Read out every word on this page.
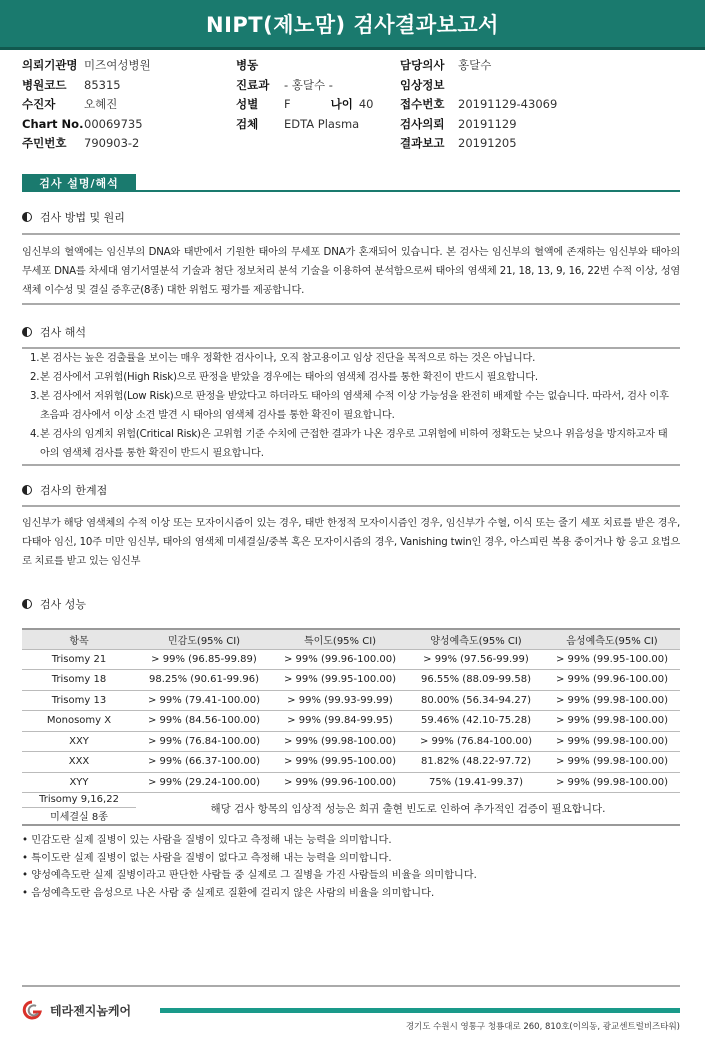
NIPT(제노맘) 검사결과보고서
의뢰기관명 미즈여성병원
병원코드	85315
수진자	오혜진
Chart No. 00069735
주민번호	790903-2
병동
진료과	- 홍달수 -
성별	F	나이 40
검체	EDTA Plasma
담당의사	홍달수
임상정보
접수번호	20191129-43069
검사의뢰	20191129
결과보고	20191205
검사 설명/해석
검사 방법 및 원리
임신부의 혈액에는 임신부의 DNA와 태반에서 기원한 태아의 무세포 DNA가 혼재되어 있습니다. 본 검사는 임신부의 혈액에 존재하는 임신부와 태아의 무세포 DNA를 차세대 염기서열분석 기술과 첨단 정보처리 분석 기술을 이용하여 분석함으로써 태아의 염색체 21, 18, 13, 9, 16, 22번 수적 이상, 성염색체 이수성 및 결실 증후군(8종) 대한 위험도 평가를 제공합니다.
검사 해석
1. 본 검사는 높은 검출률을 보이는 매우 정확한 검사이나, 오직 참고용이고 임상 진단을 목적으로 하는 것은 아닙니다.
2. 본 검사에서 고위험(High Risk)으로 판정을 받았을 경우에는 태아의 염색체 검사를 통한 확진이 반드시 필요합니다.
3. 본 검사에서 저위험(Low Risk)으로 판정을 받았다고 하더라도 태아의 염색체 수적 이상 가능성을 완전히 배제할 수는 없습니다. 따라서, 검사 이후 초음파 검사에서 이상 소견 발견 시 태아의 염색체 검사를 통한 확진이 필요합니다.
4. 본 검사의 임계치 위험(Critical Risk)은 고위험 기준 수치에 근접한 결과가 나온 경우로 고위험에 비하여 정확도는 낮으나 위음성을 방지하고자 태아의 염색체 검사를 통한 확진이 반드시 필요합니다.
검사의 한계점
임신부가 해당 염색체의 수적 이상 또는 모자이시즘이 있는 경우, 태반 한정적 모자이시즘인 경우, 임신부가 수혈, 이식 또는 줄기 세포 치료를 받은 경우, 다태아 임신, 10주 미만 임신부, 태아의 염색체 미세결실/중복 혹은 모자이시즘의 경우, Vanishing twin인 경우, 아스피린 복용 중이거나 항 응고 요법으로 치료를 받고 있는 임신부
검사 성능
항목	민감도(95% CI)	특이도(95% CI)	양성예측도(95% CI)	음성예측도(95% CI)
Trisomy 21	> 99% (96.85-99.89)	> 99% (99.96-100.00)	> 99% (97.56-99.99)	> 99% (99.95-100.00)
Trisomy 18	98.25% (90.61-99.96)	> 99% (99.95-100.00)	96.55% (88.09-99.58)	> 99% (99.96-100.00)
Trisomy 13	> 99% (79.41-100.00)	> 99% (99.93-99.99)	80.00% (56.34-94.27)	> 99% (99.98-100.00)
Monosomy X	> 99% (84.56-100.00)	> 99% (99.84-99.95)	59.46% (42.10-75.28)	> 99% (99.98-100.00)
XXY	> 99% (76.84-100.00)	> 99% (99.98-100.00)	> 99% (76.84-100.00)	> 99% (99.98-100.00)
XXX	> 99% (66.37-100.00)	> 99% (99.95-100.00)	81.82% (48.22-97.72)	> 99% (99.98-100.00)
XYY	> 99% (29.24-100.00)	> 99% (99.96-100.00)	75% (19.41-99.37)	> 99% (99.98-100.00)
Trisomy 9,16,22
미세결실 8종
해당 검사 항목의 임상적 성능은 희귀 출현 빈도로 인하여 추가적인 검증이 필요합니다.
• 민감도란 실제 질병이 있는 사람을 질병이 있다고 측정해 내는 능력을 의미합니다.
• 특이도란 실제 질병이 없는 사람을 질병이 없다고 측정해 내는 능력을 의미합니다.
• 양성예측도란 실제 질병이라고 판단한 사람들 중 실제로 그 질병을 가진 사람들의 비율을 의미합니다.
• 음성예측도란 음성으로 나온 사람 중 실제로 질환에 걸리지 않은 사람의 비율을 의미합니다.
테라젠지놈케어
경기도 수원시 영통구 청룡대로 260, 810호(이의동, 광교센트럴비즈타워)
